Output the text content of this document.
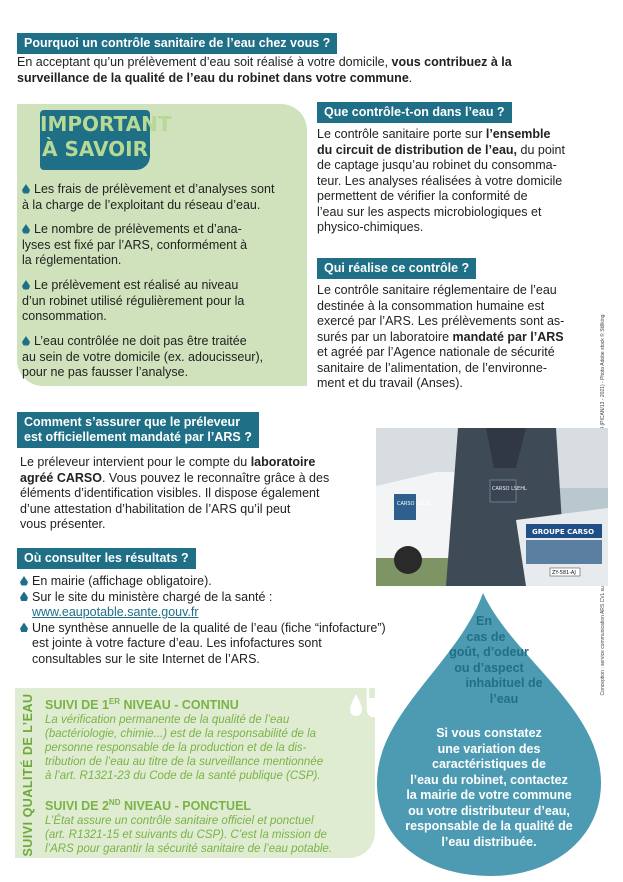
Pourquoi un contrôle sanitaire de l’eau chez vous ?
En acceptant qu’un prélèvement d’eau soit réalisé à votre domicile, vous contribuez à la
surveillance de la qualité de l’eau du robinet dans votre commune.
IMPORTANT
À SAVOIR
Les frais de prélèvement et d’analyses sont
à la charge de l’exploitant du réseau d’eau.
Le nombre de prélèvements et d’ana-
lyses est fixé par l’ARS, conformément à
la réglementation.
Le prélèvement est réalisé au niveau
d’un robinet utilisé régulièrement pour la
consommation.
L’eau contrôlée ne doit pas être traitée
au sein de votre domicile (ex. adoucisseur),
pour ne pas fausser l’analyse.
Que contrôle-t-on dans l’eau ?
Le contrôle sanitaire porte sur l’ensemble
du circuit de distribution de l’eau, du point
de captage jusqu’au robinet du consomma-
teur. Les analyses réalisées à votre domicile
permettent de vérifier la conformité de
l’eau sur les aspects microbiologiques et
physico-chimiques.
Qui réalise ce contrôle ?
Le contrôle sanitaire réglementaire de l’eau
destinée à la consommation humaine est
exercé par l’ARS. Les prélèvements sont as-
surés par un laboratoire mandaté par l’ARS
et agréé par l’Agence nationale de sécurité
sanitaire de l’alimentation, de l’environne-
ment et du travail (Anses).
Comment s’assurer que le préleveur
est officiellement mandaté par l’ARS ?
Le préleveur intervient pour le compte du laboratoire
agréé CARSO. Vous pouvez le reconnaître grâce à des
éléments d’identification visibles. Il dispose également
d’une attestation d’habilitation de l’ARS qu’il peut
vous présenter.
CARSO LSEHL
CARSO LSEHL
GROUPE CARSO
ZY-581-AJ
Où consulter les résultats ?
En mairie (affichage obligatoire).
Sur le site du ministère chargé de la santé :
www.eaupotable.sante.gouv.fr
Une synthèse annuelle de la qualité de l’eau (fiche “infofacture”)
est jointe à votre facture d’eau. Les infofactures sont
consultables sur le site Internet de l’ARS.
En
cas de
goût, d’odeur
ou d’aspect
inhabituel de
l’eau
Si vous constatez
une variation des
caractéristiques de
l’eau du robinet, contactez
la mairie de votre commune
ou votre distributeur d’eau,
responsable de la qualité de
l’eau distribuée.
SUIVI QUALITÉ DE L’EAU SUIVI DE 1ER NIVEAU - CONTINU
La vérification permanente de la qualité de l’eau
(bactériologie, chimie...) est de la responsabilité de la
personne responsable de la production et de la dis-
tribution de l’eau au titre de la surveillance mentionnée
à l’art. R1321-23 du Code de la santé publique (CSP).
SUIVI DE 2ND NIVEAU - PONCTUEL
L’État assure un contrôle sanitaire officiel et ponctuel
(art. R1321-15 et suivants du CSP). C’est la mission de
l’ARS pour garantir la sécurité sanitaire de l’eau potable.
